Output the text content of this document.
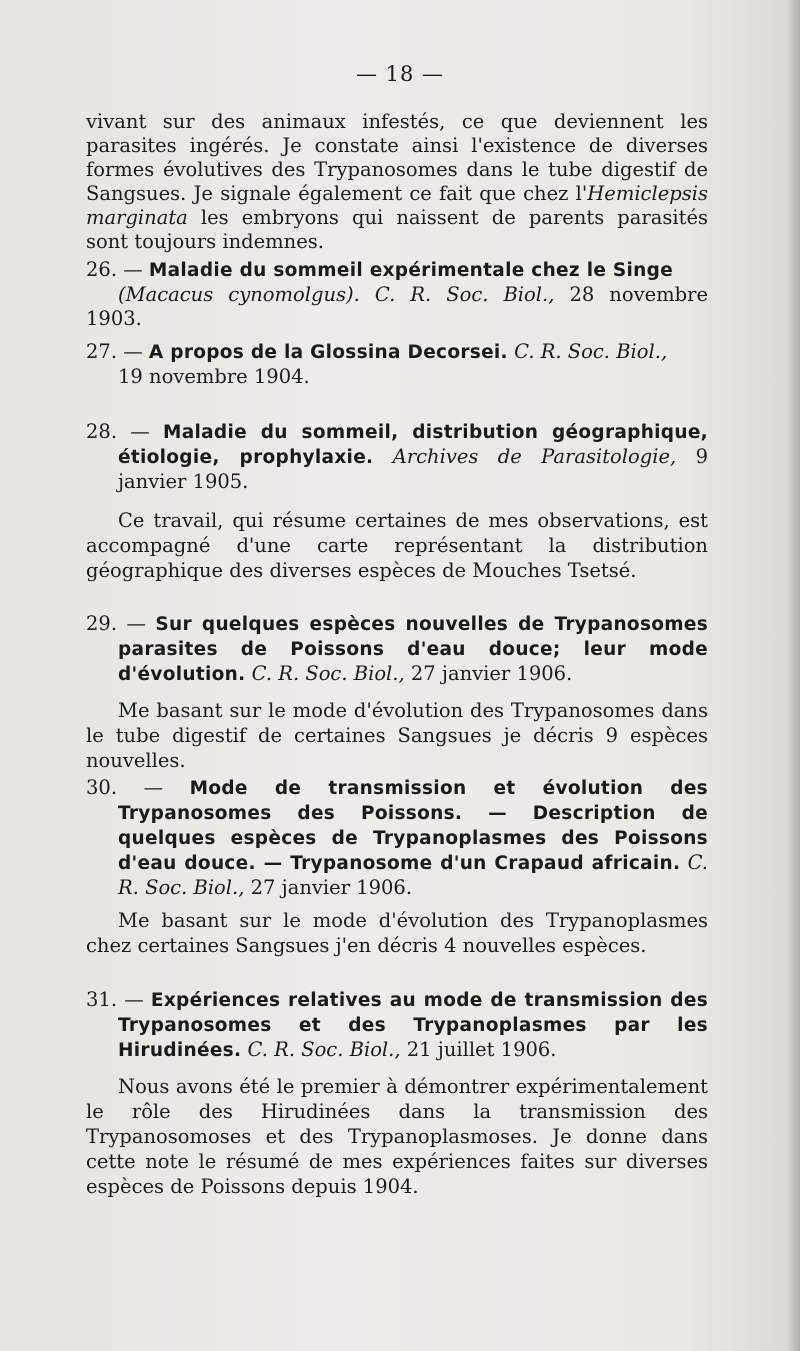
— 18 —

vivant sur des animaux infestés, ce que deviennent les parasites ingérés. Je constate ainsi l'existence de diverses formes évolutives des Trypanosomes dans le tube digestif de Sangsues. Je signale également ce fait que chez l'Hemiclepsis marginata les embryons qui naissent de parents parasités sont toujours indemnes.

26. — Maladie du sommeil expérimentale chez le Singe
(Macacus cynomolgus). C. R. Soc. Biol., 28 novembre 1903.

27. — A propos de la Glossina Decorsei. C. R. Soc. Biol.,
19 novembre 1904.

28. — Maladie du sommeil, distribution géographique, étiologie, prophylaxie. Archives de Parasitologie, 9 janvier 1905.

Ce travail, qui résume certaines de mes observations, est accompagné d'une carte représentant la distribution géographique des diverses espèces de Mouches Tsetsé.

29. — Sur quelques espèces nouvelles de Trypanosomes parasites de Poissons d'eau douce; leur mode d'évolution. C. R. Soc. Biol., 27 janvier 1906.

Me basant sur le mode d'évolution des Trypanosomes dans le tube digestif de certaines Sangsues je décris 9 espèces nouvelles.

30. — Mode de transmission et évolution des Trypanosomes des Poissons. — Description de quelques espèces de Trypanoplasmes des Poissons d'eau douce. — Trypanosome d'un Crapaud africain. C. R. Soc. Biol., 27 janvier 1906.

Me basant sur le mode d'évolution des Trypanoplasmes chez certaines Sangsues j'en décris 4 nouvelles espèces.

31. — Expériences relatives au mode de transmission des Trypanosomes et des Trypanoplasmes par les Hirudinées. C. R. Soc. Biol., 21 juillet 1906.

Nous avons été le premier à démontrer expérimentalement le rôle des Hirudinées dans la transmission des Trypanosomoses et des Trypanoplasmoses. Je donne dans cette note le résumé de mes expériences faites sur diverses espèces de Poissons depuis 1904.
